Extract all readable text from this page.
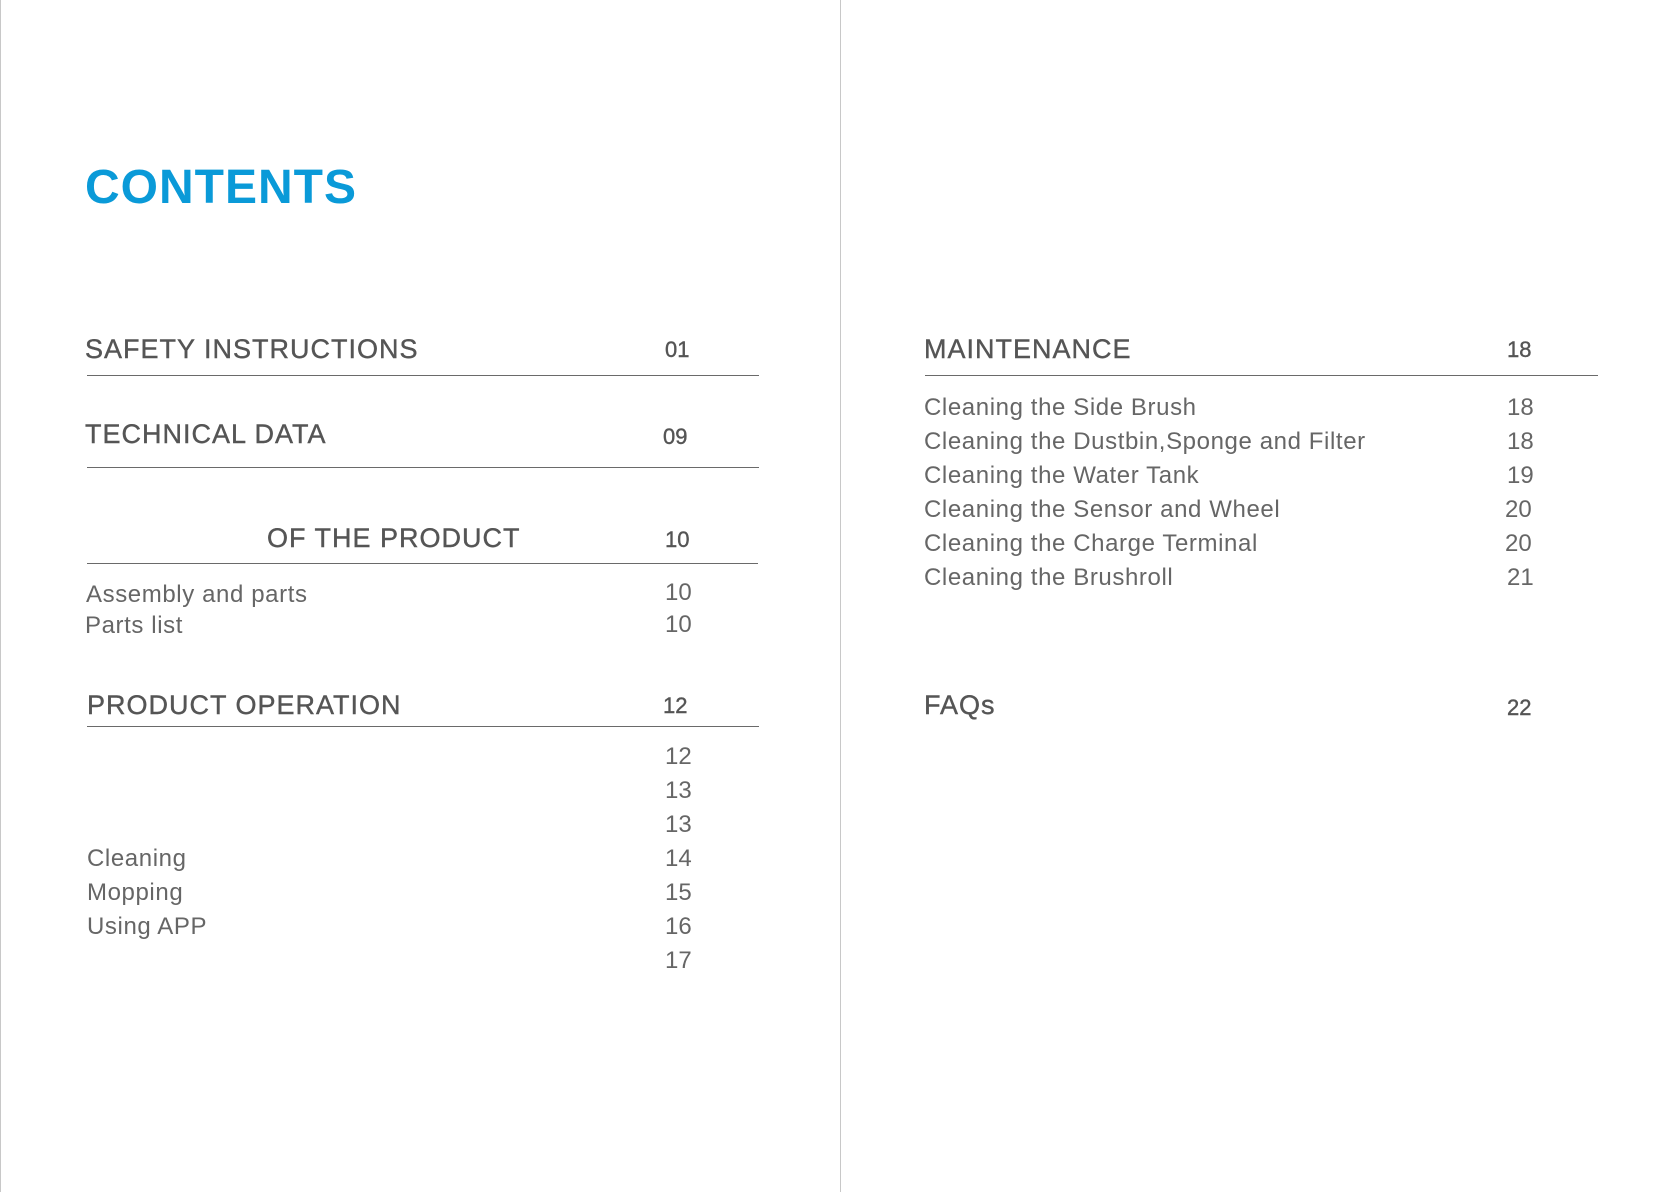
CONTENTS
SAFETY INSTRUCTIONS	01
TECHNICAL DATA	09
OF THE PRODUCT	10
Assembly and parts	10
Parts list	10
PRODUCT OPERATION	12
12
13
13
Cleaning	14
Mopping	15
Using APP	16
17
MAINTENANCE	18
Cleaning the Side Brush	18
Cleaning the Dustbin,Sponge and Filter	18
Cleaning the Water Tank	19
Cleaning the Sensor and Wheel	20
Cleaning the Charge Terminal	20
Cleaning the Brushroll	21
FAQs	22
